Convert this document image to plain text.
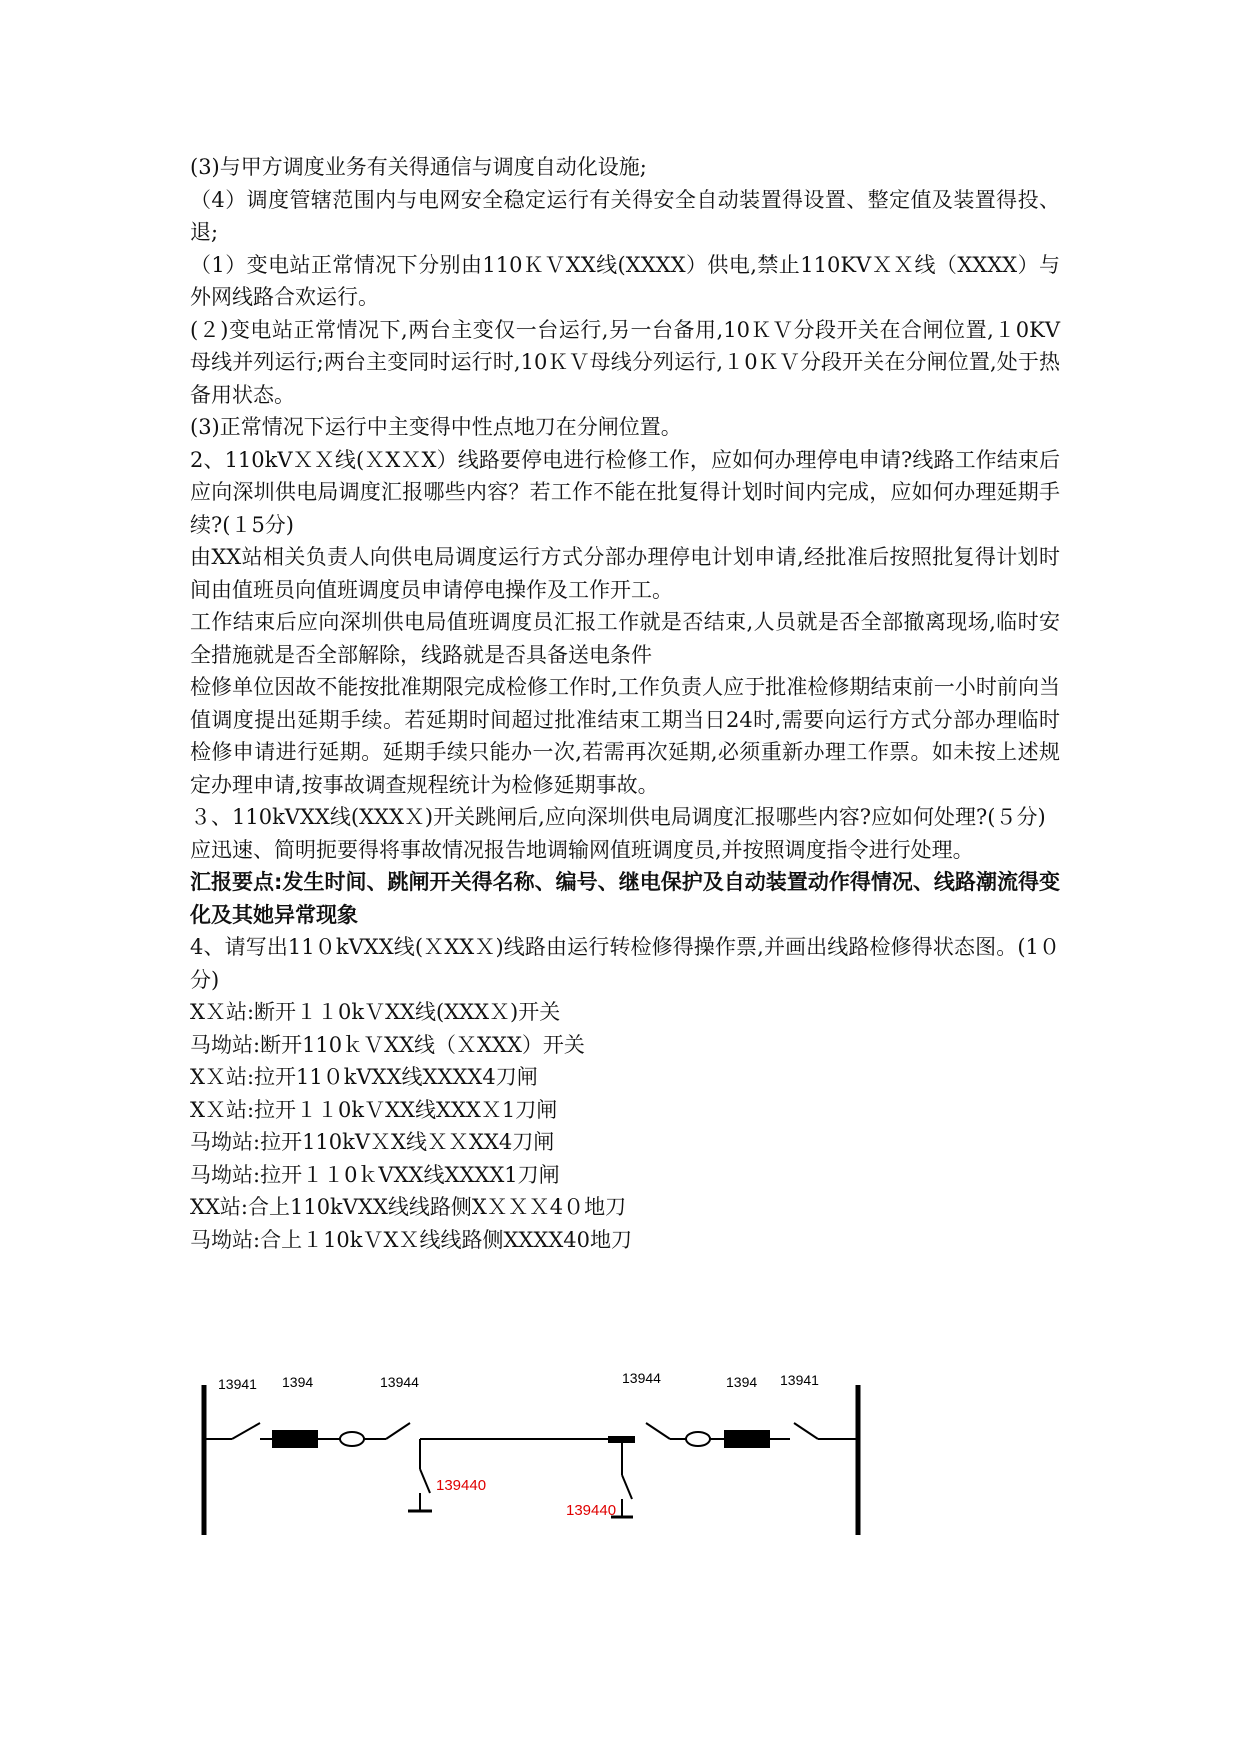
(3)与甲方调度业务有关得通信与调度自动化设施;

（4）调度管辖范围内与电网安全稳定运行有关得安全自动装置得设置、整定值及装置得投、退;

（1）变电站正常情况下分别由110ＫＶXX线(XXXX）供电,禁止110KVＸＸ线（XXXX）与外网线路合欢运行。

(２)变电站正常情况下,两台主变仅一台运行,另一台备用,10ＫＶ分段开关在合闸位置,１0KV母线并列运行;两台主变同时运行时,10ＫＶ母线分列运行,１0ＫＶ分段开关在分闸位置,处于热备用状态。

(3)正常情况下运行中主变得中性点地刀在分闸位置。

2、110kVＸＸ线(ＸXＸX）线路要停电进行检修工作，应如何办理停电申请?线路工作结束后应向深圳供电局调度汇报哪些内容？若工作不能在批复得计划时间内完成，应如何办理延期手续?(１5分)

由XX站相关负责人向供电局调度运行方式分部办理停电计划申请,经批准后按照批复得计划时间由值班员向值班调度员申请停电操作及工作开工。

工作结束后应向深圳供电局值班调度员汇报工作就是否结束,人员就是否全部撤离现场,临时安全措施就是否全部解除，线路就是否具备送电条件

检修单位因故不能按批准期限完成检修工作时,工作负责人应于批准检修期结束前一小时前向当值调度提出延期手续。若延期时间超过批准结束工期当日24时,需要向运行方式分部办理临时检修申请进行延期。延期手续只能办一次,若需再次延期,必须重新办理工作票。如未按上述规定办理申请,按事故调查规程统计为检修延期事故。

３、110kVXX线(XXXＸ)开关跳闸后,应向深圳供电局调度汇报哪些内容?应如何处理?(５分)

应迅速、简明扼要得将事故情况报告地调输网值班调度员,并按照调度指令进行处理。

汇报要点:发生时间、跳闸开关得名称、编号、继电保护及自动装置动作得情况、线路潮流得变化及其她异常现象

4、请写出11０kVXX线(ＸXXＸ)线路由运行转检修得操作票,并画出线路检修得状态图。(1０分)

XＸ站:断开１１0kＶXX线(XXXＸ)开关

马坳站:断开110ｋＶXX线（ＸXXX）开关

XＸ站:拉开11０kVXX线XXXX4刀闸

XＸ站:拉开１１0kＶXX线XXXＸ1刀闸

马坳站:拉开110kVＸX线ＸＸXX4刀闸

马坳站:拉开１１0ｋVXX线XXXX1刀闸

XX站:合上110kVXX线线路侧XＸＸＸ4０地刀

马坳站:合上１10kＶXＸ线线路侧XXXX40地刀

13941 1394	13944
139440
139440
13944	1394 13941
